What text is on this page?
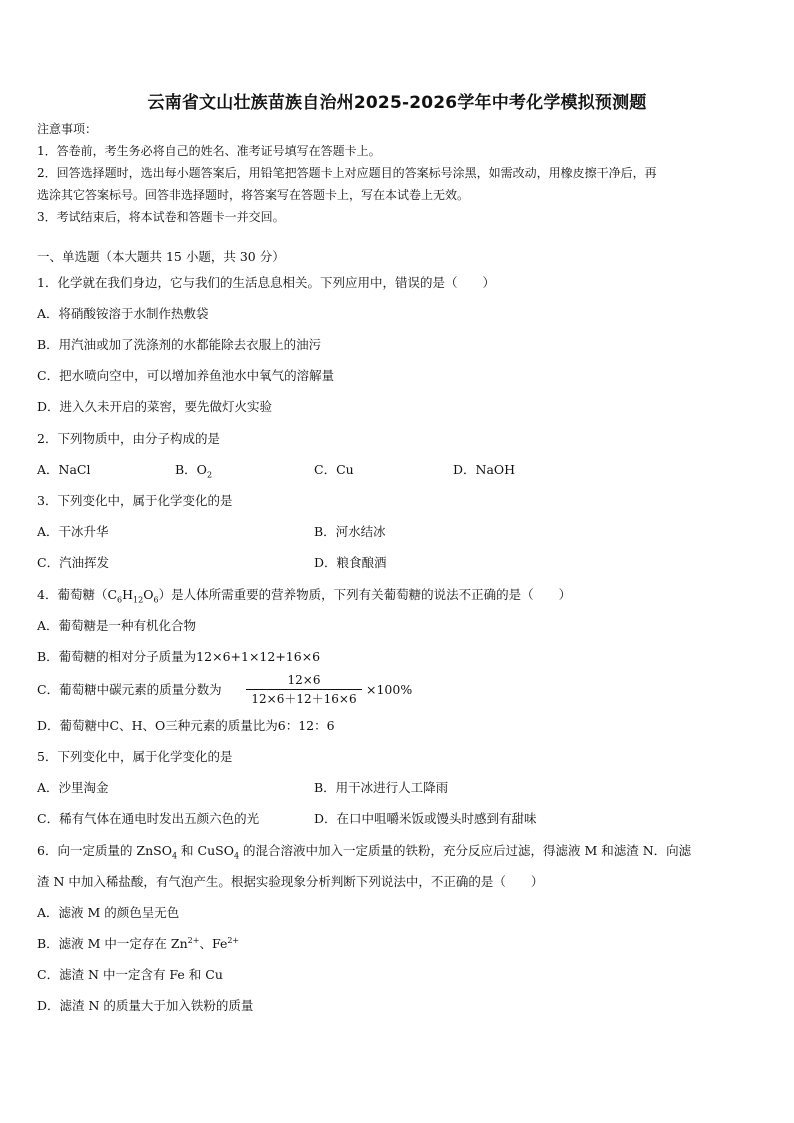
云南省文山壮族苗族自治州2025-2026学年中考化学模拟预测题
注意事项：
1．答卷前，考生务必将自己的姓名、准考证号填写在答题卡上。
2．回答选择题时，选出每小题答案后，用铅笔把答题卡上对应题目的答案标号涂黑，如需改动，用橡皮擦干净后，再
选涂其它答案标号。回答非选择题时，将答案写在答题卡上，写在本试卷上无效。
3．考试结束后，将本试卷和答题卡一并交回。
一、单选题（本大题共 15 小题，共 30 分）
1．化学就在我们身边，它与我们的生活息息相关。下列应用中，错误的是（　　）
A．将硝酸铵溶于水制作热敷袋
B．用汽油或加了洗涤剂的水都能除去衣服上的油污
C．把水喷向空中，可以增加养鱼池水中氧气的溶解量
D．进入久未开启的菜窖，要先做灯火实验
2．下列物质中，由分子构成的是
A．NaCl	B．$O_2$	C．Cu	D．NaOH
3．下列变化中，属于化学变化的是
A．干冰升华	B．河水结冰
C．汽油挥发	D．粮食酿酒
4．葡萄糖$(C_6H_{12}O_6)$是人体所需重要的营养物质，下列有关葡萄糖的说法不正确的是（　　）
A．葡萄糖是一种有机化合物
B．葡萄糖的相对分子质量为12×6+1×12+16×6
C．葡萄糖中碳元素的质量分数为
12×6
12×6＋12＋16×6
×100%
D．葡萄糖中C、H、O三种元素的质量比为6：12：6
5．下列变化中，属于化学变化的是
A．沙里淘金	B．用干冰进行人工降雨
C．稀有气体在通电时发出五颜六色的光	D．在口中咀嚼米饭或馒头时感到有甜味
6．向一定质量的 ZnSO$_4$ 和 CuSO$_4$ 的混合溶液中加入一定质量的铁粉，充分反应后过滤，得滤液 M 和滤渣 N．向滤
渣 N 中加入稀盐酸，有气泡产生。根据实验现象分析判断下列说法中，不正确的是（　　）
A．滤液 M 的颜色呈无色
B．滤液 M 中一定存在 $Zn^{2+}$、$Fe^{2+}$
C．滤渣 N 中一定含有 Fe 和 Cu
D．滤渣 N 的质量大于加入铁粉的质量
